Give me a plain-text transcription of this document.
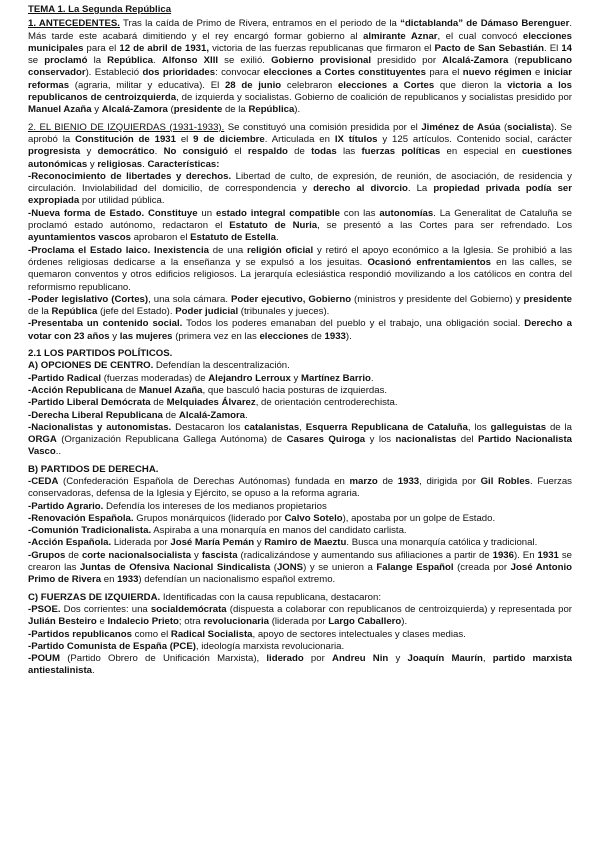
TEMA 1. La Segunda República

1. ANTECEDENTES. Tras la caída de Primo de Rivera, entramos en el periodo de la “dictablanda” de Dámaso Berenguer. Más tarde este acabará dimitiendo y el rey encargó formar gobierno al almirante Aznar, el cual convocó elecciones municipales para el 12 de abril de 1931, victoria de las fuerzas republicanas que firmaron el Pacto de San Sebastián. El 14 se proclamó la República. Alfonso XIII se exilió. Gobierno provisional presidido por Alcalá-Zamora (republicano conservador). Estableció dos prioridades: convocar elecciones a Cortes constituyentes para el nuevo régimen e iniciar reformas (agraria, militar y educativa). El 28 de junio celebraron elecciones a Cortes que dieron la victoria a los republicanos de centroizquierda, de izquierda y socialistas. Gobierno de coalición de republicanos y socialistas presidido por Manuel Azaña y Alcalá-Zamora (presidente de la República).

2. EL BIENIO DE IZQUIERDAS (1931-1933). Se constituyó una comisión presidida por el Jiménez de Asúa (socialista). Se aprobó la Constitución de 1931 el 9 de diciembre. Articulada en IX títulos y 125 artículos. Contenido social, carácter progresista y democrático. No consiguió el respaldo de todas las fuerzas políticas en especial en cuestiones autonómicas y religiosas. Características:

-Reconocimiento de libertades y derechos. Libertad de culto, de expresión, de reunión, de asociación, de residencia y circulación. Inviolabilidad del domicilio, de correspondencia y derecho al divorcio. La propiedad privada podía ser expropiada por utilidad pública.

-Nueva forma de Estado. Constituye un estado integral compatible con las autonomías. La Generalitat de Cataluña se proclamó estado autónomo, redactaron el Estatuto de Nuria, se presentó a las Cortes para ser refrendado. Los ayuntamientos vascos aprobaron el Estatuto de Estella.

-Proclama el Estado laico. Inexistencia de una religión oficial y retiró el apoyo económico a la Iglesia. Se prohibió a las órdenes religiosas dedicarse a la enseñanza y se expulsó a los jesuitas. Ocasionó enfrentamientos en las calles, se quemaron conventos y otros edificios religiosos. La jerarquía eclesiástica respondió movilizando a los católicos en contra del reformismo republicano.

-Poder legislativo (Cortes), una sola cámara. Poder ejecutivo, Gobierno (ministros y presidente del Gobierno) y presidente de la República (jefe del Estado). Poder judicial (tribunales y jueces).

-Presentaba un contenido social. Todos los poderes emanaban del pueblo y el trabajo, una obligación social. Derecho a votar con 23 años y las mujeres (primera vez en las elecciones de 1933).

2.1 LOS PARTIDOS POLÍTICOS.

A) OPCIONES DE CENTRO. Defendían la descentralización.

-Partido Radical (fuerzas moderadas) de Alejandro Lerroux y Martínez Barrio.

-Acción Republicana de Manuel Azaña, que basculó hacia posturas de izquierdas.

-Partido Liberal Demócrata de Melquiades Álvarez, de orientación centroderechista.

-Derecha Liberal Republicana de Alcalá-Zamora.

-Nacionalistas y autonomistas. Destacaron los catalanistas, Esquerra Republicana de Cataluña, los galleguistas de la ORGA (Organización Republicana Gallega Autónoma) de Casares Quiroga y los nacionalistas del Partido Nacionalista Vasco..

B) PARTIDOS DE DERECHA.

-CEDA (Confederación Española de Derechas Autónomas) fundada en marzo de 1933, dirigida por Gil Robles. Fuerzas conservadoras, defensa de la Iglesia y Ejército, se opuso a la reforma agraria.

-Partido Agrario. Defendía los intereses de los medianos propietarios

-Renovación Española. Grupos monárquicos (liderado por Calvo Sotelo), apostaba por un golpe de Estado.

-Comunión Tradicionalista. Aspiraba a una monarquía en manos del candidato carlista.

-Acción Española. Liderada por José María Pemán y Ramiro de Maeztu. Busca una monarquía católica y tradicional.

-Grupos de corte nacionalsocialista y fascista (radicalizándose y aumentando sus afiliaciones a partir de 1936). En 1931 se crearon las Juntas de Ofensiva Nacional Sindicalista (JONS) y se unieron a Falange Español (creada por José Antonio Primo de Rivera en 1933) defendían un nacionalismo español extremo.

C) FUERZAS DE IZQUIERDA. Identificadas con la causa republicana, destacaron:

-PSOE. Dos corrientes: una socialdemócrata (dispuesta a colaborar con republicanos de centroizquierda) y representada por Julián Besteiro e Indalecio Prieto; otra revolucionaria (liderada por Largo Caballero).

-Partidos republicanos como el Radical Socialista, apoyo de sectores intelectuales y clases medias.

-Partido Comunista de España (PCE), ideología marxista revolucionaria.

-POUM (Partido Obrero de Unificación Marxista), liderado por Andreu Nin y Joaquín Maurín, partido marxista antiestalinista.
